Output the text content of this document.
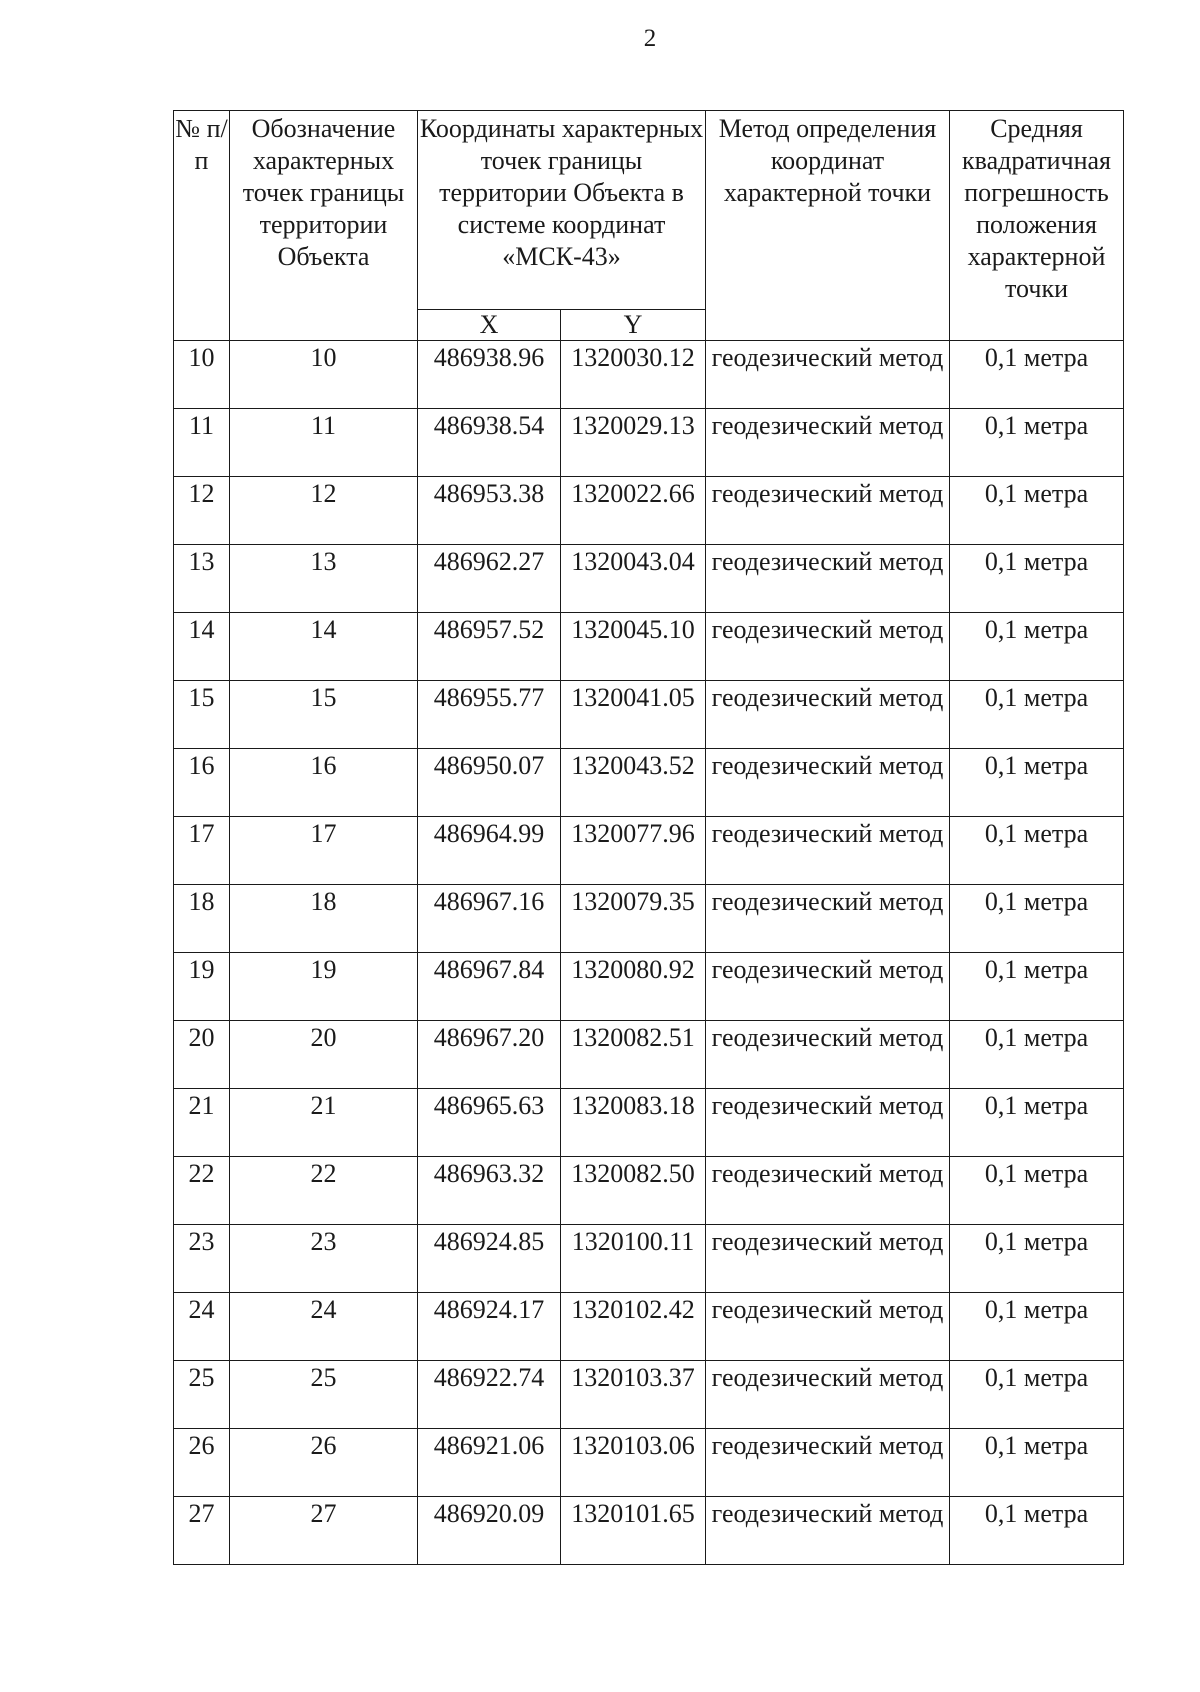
2
№ п/п	Обозначение характерных точек границы территории Объекта	Координаты характерных точек границы территории Объекта в системе координат «МСК-43»		Метод определения координат характерной точки	Средняя квадратичная погрешность положения характерной точки
		X	Y		
10	10	486938.96	1320030.12	геодезический метод	0,1 метра
11	11	486938.54	1320029.13	геодезический метод	0,1 метра
12	12	486953.38	1320022.66	геодезический метод	0,1 метра
13	13	486962.27	1320043.04	геодезический метод	0,1 метра
14	14	486957.52	1320045.10	геодезический метод	0,1 метра
15	15	486955.77	1320041.05	геодезический метод	0,1 метра
16	16	486950.07	1320043.52	геодезический метод	0,1 метра
17	17	486964.99	1320077.96	геодезический метод	0,1 метра
18	18	486967.16	1320079.35	геодезический метод	0,1 метра
19	19	486967.84	1320080.92	геодезический метод	0,1 метра
20	20	486967.20	1320082.51	геодезический метод	0,1 метра
21	21	486965.63	1320083.18	геодезический метод	0,1 метра
22	22	486963.32	1320082.50	геодезический метод	0,1 метра
23	23	486924.85	1320100.11	геодезический метод	0,1 метра
24	24	486924.17	1320102.42	геодезический метод	0,1 метра
25	25	486922.74	1320103.37	геодезический метод	0,1 метра
26	26	486921.06	1320103.06	геодезический метод	0,1 метра
27	27	486920.09	1320101.65	геодезический метод	0,1 метра
